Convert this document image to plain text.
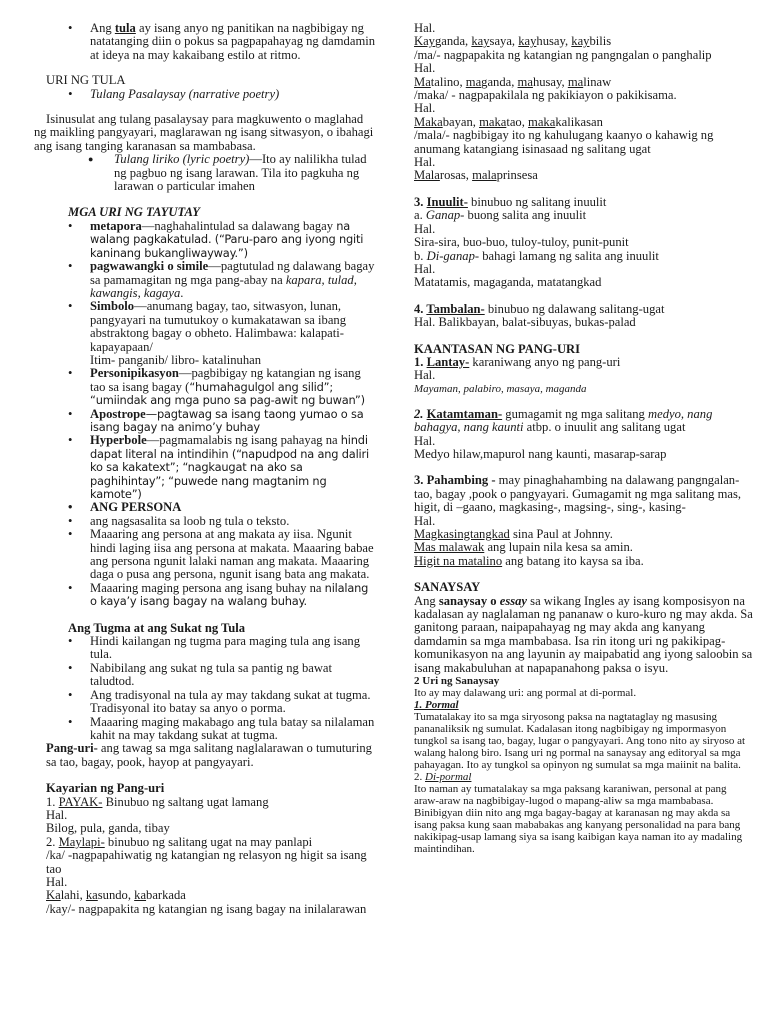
• Ang tula ay isang anyo ng panitikan na nagbibigay ng natatanging diin o pokus sa pagpapahayag ng damdamin at ideya na may kakaibang estilo at ritmo.

URI NG TULA

• Tulang Pasalaysay (narrative poetry)

Isinusulat ang tulang pasalaysay para magkuwento o maglahad ng maikling pangyayari, maglarawan ng isang sitwasyon, o ibahagi ang isang tanging karanasan sa mambabasa.

● Tulang liriko (lyric poetry)—Ito ay nalilikha tulad ng pagbuo ng isang larawan. Tila ito pagkuha ng larawan o particular imahen

MGA URI NG TAYUTAY

• metapora—naghahalintulad sa dalawang bagay na walang pagkakatulad. (“Paru-paro ang iyong ngiti kaninang bukangliwayway.”)
• pagwawangki o simile—pagtutulad ng dalawang bagay sa pamamagitan ng mga pang-abay na kapara, tulad, kawangis, kagaya.
• Simbolo—anumang bagay, tao, sitwasyon, lunan, pangyayari na tumutukoy o kumakatawan sa ibang abstraktong bagay o obheto. Halimbawa: kalapati- kapayapaan/
Itim- panganib/ libro- katalinuhan
• Personipikasyon—pagbibigay ng katangian ng isang tao sa isang bagay (“humahagulgol ang silid”; “umiindak ang mga puno sa pag-awit ng buwan”)
• Apostrope—pagtawag sa isang taong yumao o sa isang bagay na animo’y buhay
• Hyperbole—pagmamalabis ng isang pahayag na hindi dapat literal na intindihin (“napudpod na ang daliri ko sa kakatext”; “nagkaugat na ako sa paghihintay”; “puwede nang magtanim ng kamote”)
• ANG PERSONA
• ang nagsasalita sa loob ng tula o teksto.
• Maaaring ang persona at ang makata ay iisa. Ngunit hindi laging iisa ang persona at makata. Maaaring babae ang persona ngunit lalaki naman ang makata. Maaaring daga o pusa ang persona, ngunit isang bata ang makata.
• Maaaring maging persona ang isang buhay na nilalang o kaya’y isang bagay na walang buhay.

Ang Tugma at ang Sukat ng Tula

• Hindi kailangan ng tugma para maging tula ang isang tula.
• Nabibilang ang sukat ng tula sa pantig ng bawat taludtod.
• Ang tradisyonal na tula ay may takdang sukat at tugma. Tradisyonal ito batay sa anyo o porma.
• Maaaring maging makabago ang tula batay sa nilalaman kahit na may takdang sukat at tugma.

Pang-uri- ang tawag sa mga salitang naglalarawan o tumuturing sa tao, bagay, pook, hayop at pangyayari.

Kayarian ng Pang-uri

1. PAYAK- Binubuo ng saltang ugat lamang

Hal.

Bilog, pula, ganda, tibay

2. Maylapi- binubuo ng salitang ugat na may panlapi

/ka/ -nagpapahiwatig ng katangian ng relasyon ng higit sa isang tao

Hal.

Kalahi, kasundo, kabarkada

/kay/- nagpapakita ng katangian ng isang bagay na inilalarawan

Hal.

Kayganda, kaysaya, kayhusay, kaybilis

/ma/- nagpapakita ng katangian ng pangngalan o panghalip

Hal.

Matalino, maganda, mahusay, malinaw

/maka/ - nagpapakilala ng pakikiayon o pakikisama.

Hal.

Makabayan, makatao, makakalikasan

/mala/- nagbibigay ito ng kahulugang kaanyo o kahawig ng anumang katangiang isinasaad ng salitang ugat

Hal.

Malarosas, malaprinsesa

3. Inuulit- binubuo ng salitang inuulit

a. Ganap- buong salita ang inuulit

Hal.

Sira-sira, buo-buo, tuloy-tuloy, punit-punit

b. Di-ganap- bahagi lamang ng salita ang inuulit

Hal.

Matatamis, magaganda, matatangkad

4. Tambalan- binubuo ng dalawang salitang-ugat

Hal. Balikbayan, balat-sibuyas, bukas-palad

KAANTASAN NG PANG-URI

1. Lantay- karaniwang anyo ng pang-uri

Hal.

Mayaman, palabiro, masaya, maganda

2. Katamtaman- gumagamit ng mga salitang medyo, nang bahagya, nang kaunti atbp. o inuulit ang salitang ugat

Hal.

Medyo hilaw,mapurol nang kaunti, masarap-sarap

3. Pahambing - may pinaghahambing na dalawang pangngalan- tao, bagay ,pook o pangyayari. Gumagamit ng mga salitang mas, higit, di –gaano, magkasing-, magsing-, sing-, kasing-

Hal.

Magkasingtangkad sina Paul at Johnny.

Mas malawak ang lupain nila kesa sa amin.

Higit na matalino ang batang ito kaysa sa iba.

SANAYSAY

Ang sanaysay o essay sa wikang Ingles ay isang komposisyon na kadalasan ay naglalaman ng pananaw o kuro-kuro ng may akda. Sa ganitong paraan, naipapahayag ng may akda ang kanyang damdamin sa mga mambabasa. Isa rin itong uri ng pakikipag-komunikasyon na ang layunin ay maipabatid ang iyong saloobin sa isang makabuluhan at napapanahong paksa o isyu.

2 Uri ng Sanaysay

Ito ay may dalawang uri: ang pormal at di-pormal.

1. Pormal

Tumatalakay ito sa mga siryosong paksa na nagtataglay ng masusing pananaliksik ng sumulat. Kadalasan itong nagbibigay ng impormasyon tungkol sa isang tao, bagay, lugar o pangyayari. Ang tono nito ay siryoso at walang halong biro. Isang uri ng pormal na sanaysay ang editoryal sa mga pahayagan. Ito ay tungkol sa opinyon ng sumulat sa mga maiinit na balita.

2. Di-pormal

Ito naman ay tumatalakay sa mga paksang karaniwan, personal at pang araw-araw na nagbibigay-lugod o mapang-aliw sa mga mambabasa. Binibigyan diin nito ang mga bagay-bagay at karanasan ng may akda sa isang paksa kung saan mababakas ang kanyang personalidad na para bang nakikipag-usap lamang siya sa isang kaibigan kaya naman ito ay madaling maintindihan.
